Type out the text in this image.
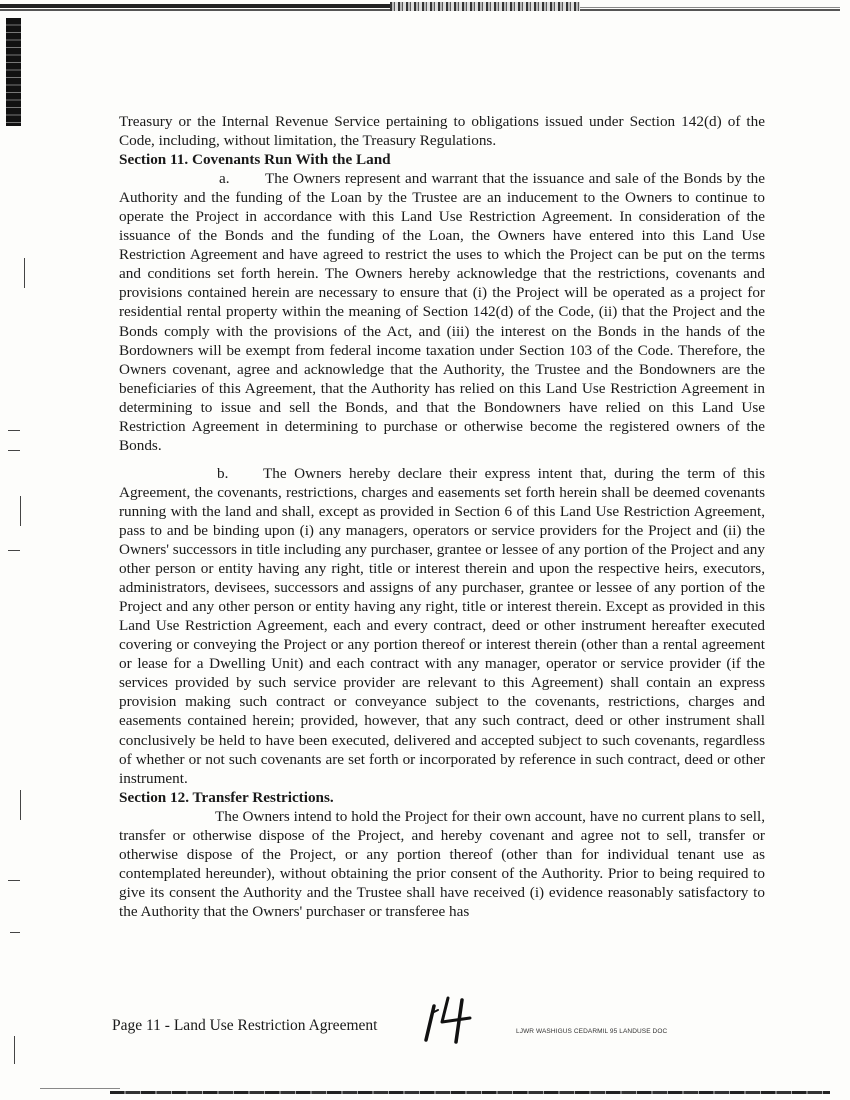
Treasury or the Internal Revenue Service pertaining to obligations issued under Section 142(d) of the Code, including, without limitation, the Treasury Regulations.

Section 11. Covenants Run With the Land

a. The Owners represent and warrant that the issuance and sale of the Bonds by the Authority and the funding of the Loan by the Trustee are an inducement to the Owners to continue to operate the Project in accordance with this Land Use Restriction Agreement. In consideration of the issuance of the Bonds and the funding of the Loan, the Owners have entered into this Land Use Restriction Agreement and have agreed to restrict the uses to which the Project can be put on the terms and conditions set forth herein. The Owners hereby acknowledge that the restrictions, covenants and provisions contained herein are necessary to ensure that (i) the Project will be operated as a project for residential rental property within the meaning of Section 142(d) of the Code, (ii) that the Project and the Bonds comply with the provisions of the Act, and (iii) the interest on the Bonds in the hands of the Bordowners will be exempt from federal income taxation under Section 103 of the Code. Therefore, the Owners covenant, agree and acknowledge that the Authority, the Trustee and the Bondowners are the beneficiaries of this Agreement, that the Authority has relied on this Land Use Restriction Agreement in determining to issue and sell the Bonds, and that the Bondowners have relied on this Land Use Restriction Agreement in determining to purchase or otherwise become the registered owners of the Bonds.

b. The Owners hereby declare their express intent that, during the term of this Agreement, the covenants, restrictions, charges and easements set forth herein shall be deemed covenants running with the land and shall, except as provided in Section 6 of this Land Use Restriction Agreement, pass to and be binding upon (i) any managers, operators or service providers for the Project and (ii) the Owners' successors in title including any purchaser, grantee or lessee of any portion of the Project and any other person or entity having any right, title or interest therein and upon the respective heirs, executors, administrators, devisees, successors and assigns of any purchaser, grantee or lessee of any portion of the Project and any other person or entity having any right, title or interest therein. Except as provided in this Land Use Restriction Agreement, each and every contract, deed or other instrument hereafter executed covering or conveying the Project or any portion thereof or interest therein (other than a rental agreement or lease for a Dwelling Unit) and each contract with any manager, operator or service provider (if the services provided by such service provider are relevant to this Agreement) shall contain an express provision making such contract or conveyance subject to the covenants, restrictions, charges and easements contained herein; provided, however, that any such contract, deed or other instrument shall conclusively be held to have been executed, delivered and accepted subject to such covenants, regardless of whether or not such covenants are set forth or incorporated by reference in such contract, deed or other instrument.

Section 12. Transfer Restrictions.

The Owners intend to hold the Project for their own account, have no current plans to sell, transfer or otherwise dispose of the Project, and hereby covenant and agree not to sell, transfer or otherwise dispose of the Project, or any portion thereof (other than for individual tenant use as contemplated hereunder), without obtaining the prior consent of the Authority. Prior to being required to give its consent the Authority and the Trustee shall have received (i) evidence reasonably satisfactory to the Authority that the Owners' purchaser or transferee has

Page 11 - Land Use Restriction Agreement	LJWR WASHIGUS CEDARMIL 95 LANDUSE DOC
